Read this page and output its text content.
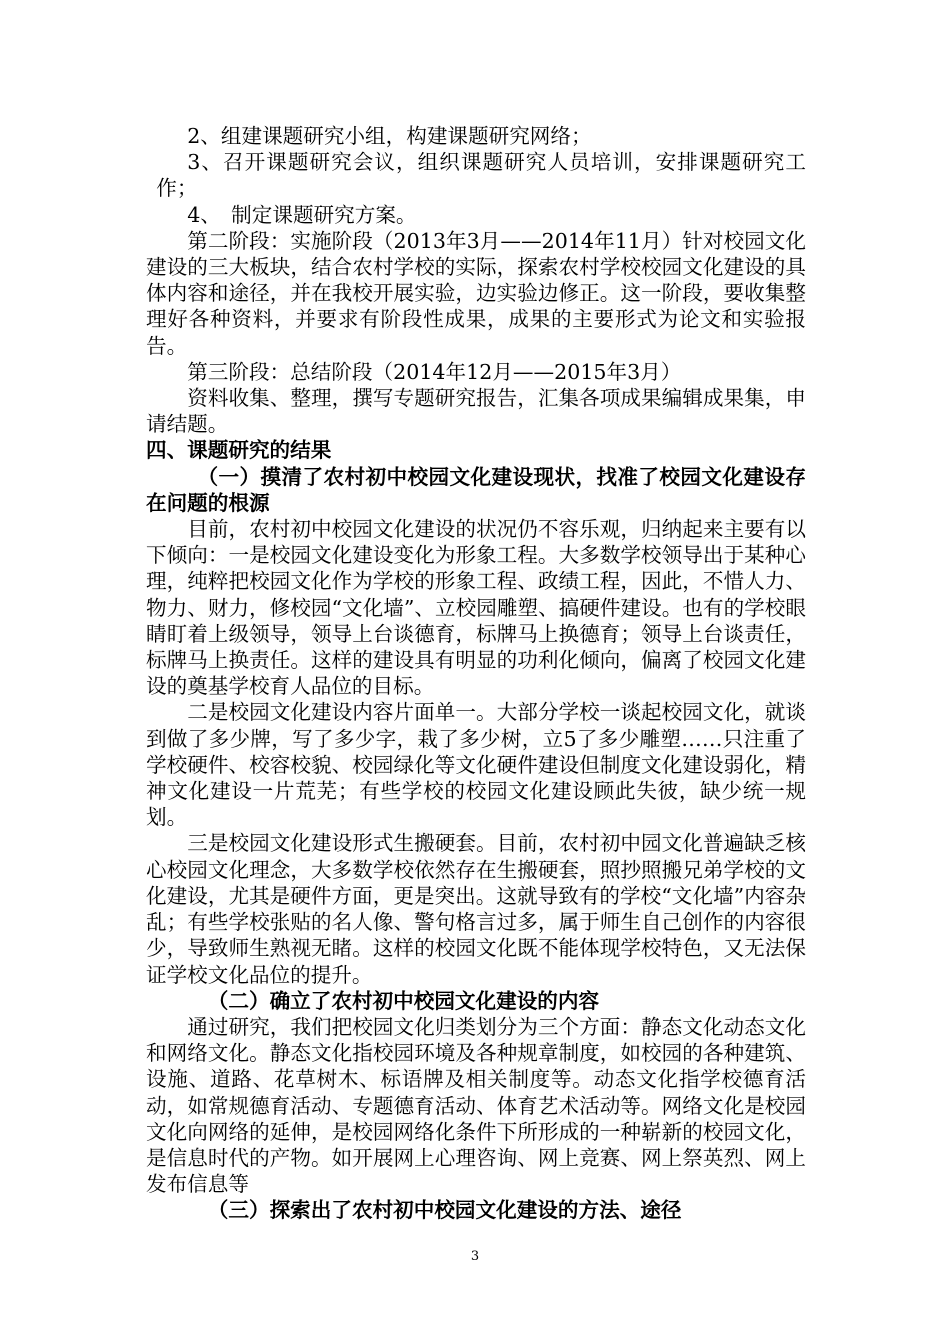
2、组建课题研究小组，构建课题研究网络；

3、召开课题研究会议，组织课题研究人员培训，安排课题研究工作；

4、　制定课题研究方案。

第二阶段：实施阶段（2013年3月——2014年11月）针对校园文化建设的三大板块，结合农村学校的实际，探索农村学校校园文化建设的具体内容和途径，并在我校开展实验，边实验边修正。这一阶段，要收集整理好各种资料，并要求有阶段性成果，成果的主要形式为论文和实验报告。

第三阶段：总结阶段（2014年12月——2015年3月）

资料收集、整理，撰写专题研究报告，汇集各项成果编辑成果集，申请结题。

四、课题研究的结果

（一）摸清了农村初中校园文化建设现状，找准了校园文化建设存在问题的根源

目前，农村初中校园文化建设的状况仍不容乐观，归纳起来主要有以下倾向：一是校园文化建设变化为形象工程。大多数学校领导出于某种心理，纯粹把校园文化作为学校的形象工程、政绩工程，因此，不惜人力、物力、财力，修校园“文化墙”、立校园雕塑、搞硬件建设。也有的学校眼睛盯着上级领导，领导上台谈德育，标牌马上换德育；领导上台谈责任，标牌马上换责任。这样的建设具有明显的功利化倾向，偏离了校园文化建设的奠基学校育人品位的目标。

二是校园文化建设内容片面单一。大部分学校一谈起校园文化，就谈到做了多少牌，写了多少字，栽了多少树，立5了多少雕塑……只注重了学校硬件、校容校貌、校园绿化等文化硬件建设但制度文化建设弱化，精神文化建设一片荒芜；有些学校的校园文化建设顾此失彼，缺少统一规划。

三是校园文化建设形式生搬硬套。目前，农村初中园文化普遍缺乏核心校园文化理念，大多数学校依然存在生搬硬套，照抄照搬兄弟学校的文化建设，尤其是硬件方面，更是突出。这就导致有的学校“文化墙”内容杂乱；有些学校张贴的名人像、警句格言过多，属于师生自己创作的内容很少，导致师生熟视无睹。这样的校园文化既不能体现学校特色，又无法保证学校文化品位的提升。

（二）确立了农村初中校园文化建设的内容

通过研究，我们把校园文化归类划分为三个方面：静态文化动态文化和网络文化。静态文化指校园环境及各种规章制度，如校园的各种建筑、设施、道路、花草树木、标语牌及相关制度等。动态文化指学校德育活动，如常规德育活动、专题德育活动、体育艺术活动等。网络文化是校园文化向网络的延伸，是校园网络化条件下所形成的一种崭新的校园文化，是信息时代的产物。如开展网上心理咨询、网上竞赛、网上祭英烈、网上发布信息等

（三）探索出了农村初中校园文化建设的方法、途径

3
